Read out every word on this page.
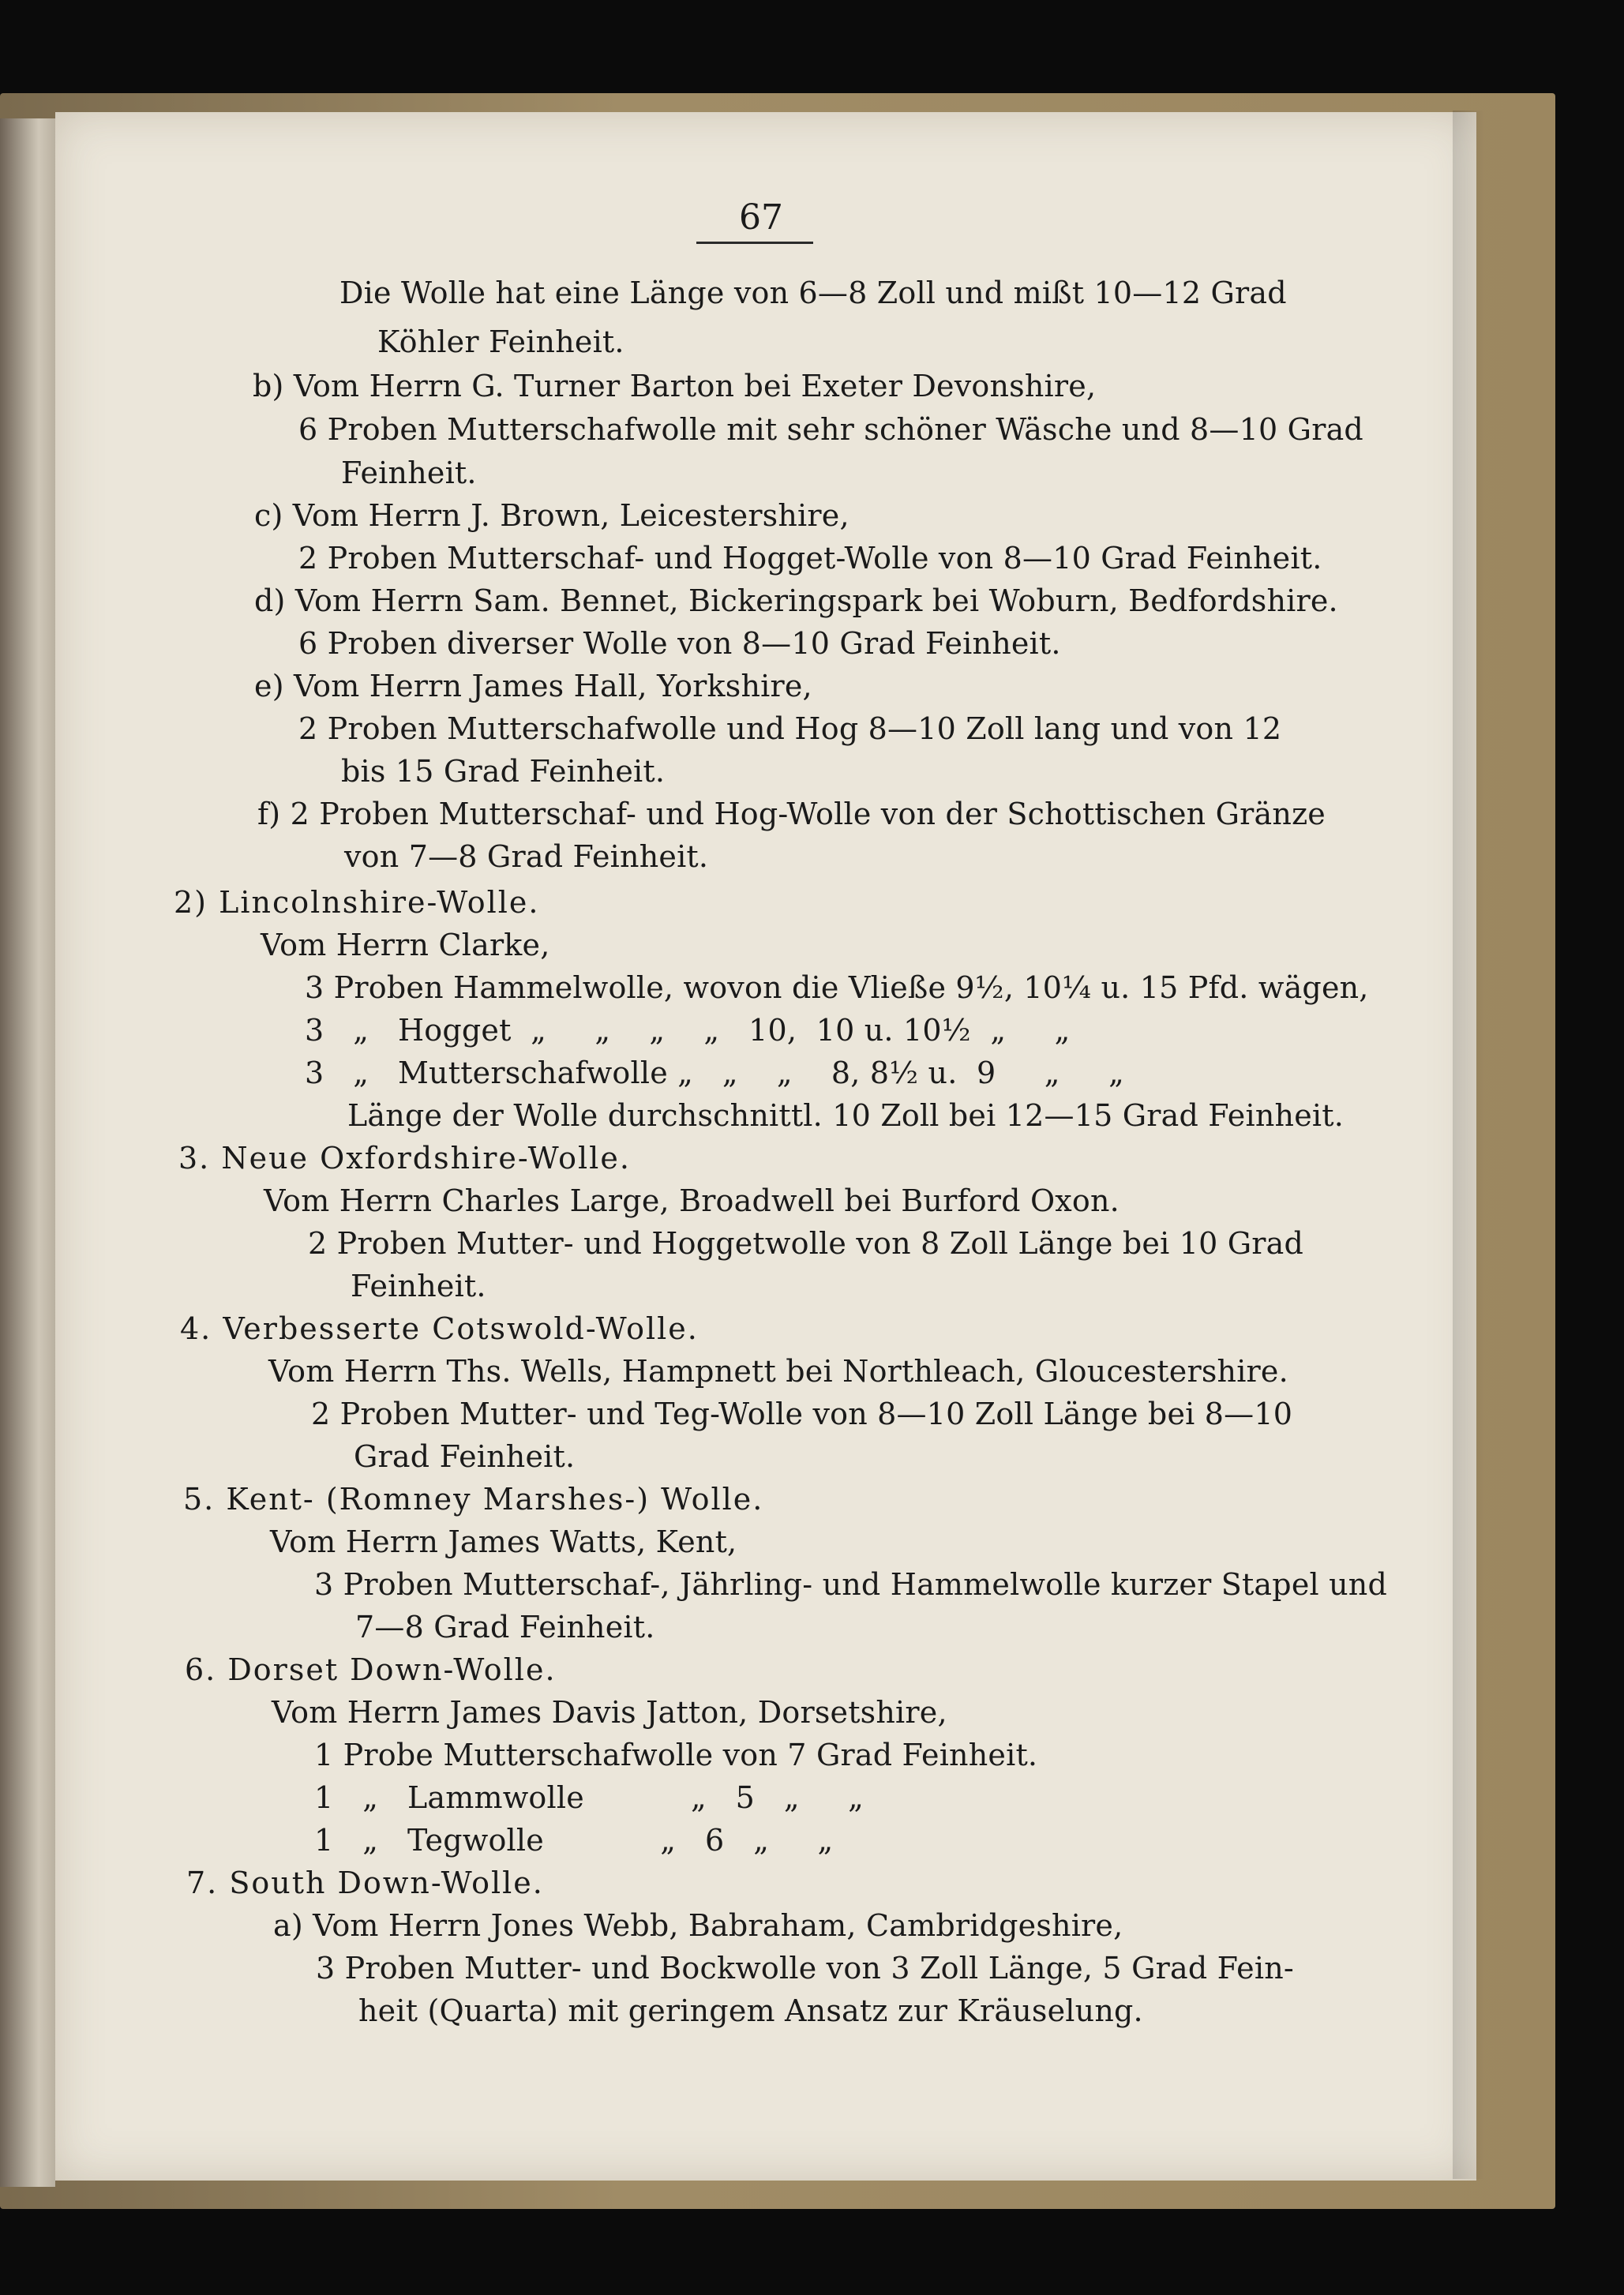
67
Die Wolle hat eine Länge von 6—8 Zoll und mißt 10—12 Grad
Köhler Feinheit.
b) Vom Herrn G. Turner Barton bei Exeter Devonshire,
6 Proben Mutterschafwolle mit sehr schöner Wäsche und 8—10 Grad
Feinheit.
c) Vom Herrn J. Brown, Leicestershire,
2 Proben Mutterschaf- und Hogget-Wolle von 8—10 Grad Feinheit.
d) Vom Herrn Sam. Bennet, Bickeringspark bei Woburn, Bedfordshire.
6 Proben diverser Wolle von 8—10 Grad Feinheit.
e) Vom Herrn James Hall, Yorkshire,
2 Proben Mutterschafwolle und Hog 8—10 Zoll lang und von 12
bis 15 Grad Feinheit.
f) 2 Proben Mutterschaf- und Hog-Wolle von der Schottischen Gränze
von 7—8 Grad Feinheit.
2) Lincolnshire-Wolle.
Vom Herrn Clarke,
3 Proben Hammelwolle, wovon die Vließe 9½, 10¼ u. 15 Pfd. wägen,
3   „   Hogget  „     „    „    „   10,  10 u. 10½  „     „
3   „   Mutterschafwolle „   „    „    8, 8½ u.  9     „     „
Länge der Wolle durchschnittl. 10 Zoll bei 12—15 Grad Feinheit.
3. Neue Oxfordshire-Wolle.
Vom Herrn Charles Large, Broadwell bei Burford Oxon.
2 Proben Mutter- und Hoggetwolle von 8 Zoll Länge bei 10 Grad
Feinheit.
4. Verbesserte Cotswold-Wolle.
Vom Herrn Ths. Wells, Hampnett bei Northleach, Gloucestershire.
2 Proben Mutter- und Teg-Wolle von 8—10 Zoll Länge bei 8—10
Grad Feinheit.
5. Kent- (Romney Marshes-) Wolle.
Vom Herrn James Watts, Kent,
3 Proben Mutterschaf-, Jährling- und Hammelwolle kurzer Stapel und
7—8 Grad Feinheit.
6. Dorset Down-Wolle.
Vom Herrn James Davis Jatton, Dorsetshire,
1 Probe Mutterschafwolle von 7 Grad Feinheit.
1   „   Lammwolle           „   5   „     „
1   „   Tegwolle            „   6   „     „
7. South Down-Wolle.
a) Vom Herrn Jones Webb, Babraham, Cambridgeshire,
3 Proben Mutter- und Bockwolle von 3 Zoll Länge, 5 Grad Fein-
heit (Quarta) mit geringem Ansatz zur Kräuselung.
